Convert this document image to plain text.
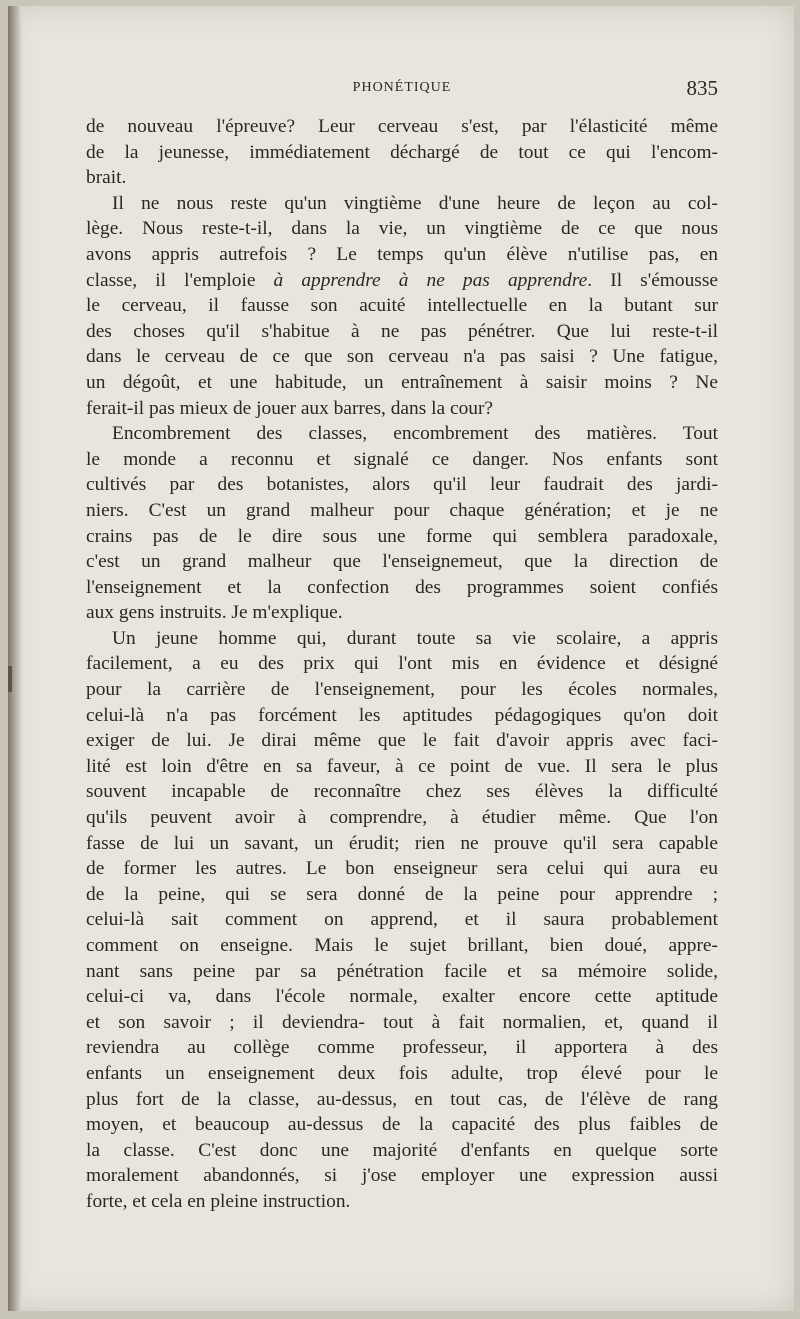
PHONÉTIQUE	835
de nouveau l'épreuve? Leur cerveau s'est, par l'élasticité même
de la jeunesse, immédiatement déchargé de tout ce qui l'encom-
brait.
Il ne nous reste qu'un vingtième d'une heure de leçon au col-
lège. Nous reste-t-il, dans la vie, un vingtième de ce que nous
avons appris autrefois ? Le temps qu'un élève n'utilise pas, en
classe, il l'emploie à apprendre à ne pas apprendre. Il s'émousse
le cerveau, il fausse son acuité intellectuelle en la butant sur
des choses qu'il s'habitue à ne pas pénétrer. Que lui reste-t-il
dans le cerveau de ce que son cerveau n'a pas saisi ? Une fatigue,
un dégoût, et une habitude, un entraînement à saisir moins ? Ne
ferait-il pas mieux de jouer aux barres, dans la cour?
Encombrement des classes, encombrement des matières. Tout
le monde a reconnu et signalé ce danger. Nos enfants sont
cultivés par des botanistes, alors qu'il leur faudrait des jardi-
niers. C'est un grand malheur pour chaque génération; et je ne
crains pas de le dire sous une forme qui semblera paradoxale,
c'est un grand malheur que l'enseignemeut, que la direction de
l'enseignement et la confection des programmes soient confiés
aux gens instruits. Je m'explique.
Un jeune homme qui, durant toute sa vie scolaire, a appris
facilement, a eu des prix qui l'ont mis en évidence et désigné
pour la carrière de l'enseignement, pour les écoles normales,
celui-là n'a pas forcément les aptitudes pédagogiques qu'on doit
exiger de lui. Je dirai même que le fait d'avoir appris avec faci-
lité est loin d'être en sa faveur, à ce point de vue. Il sera le plus
souvent incapable de reconnaître chez ses élèves la difficulté
qu'ils peuvent avoir à comprendre, à étudier même. Que l'on
fasse de lui un savant, un érudit; rien ne prouve qu'il sera capable
de former les autres. Le bon enseigneur sera celui qui aura eu
de la peine, qui se sera donné de la peine pour apprendre ;
celui-là sait comment on apprend, et il saura probablement
comment on enseigne. Mais le sujet brillant, bien doué, appre-
nant sans peine par sa pénétration facile et sa mémoire solide,
celui-ci va, dans l'école normale, exalter encore cette aptitude
et son savoir ; il deviendra- tout à fait normalien, et, quand il
reviendra au collège comme professeur, il apportera à des
enfants un enseignement deux fois adulte, trop élevé pour le
plus fort de la classe, au-dessus, en tout cas, de l'élève de rang
moyen, et beaucoup au-dessus de la capacité des plus faibles de
la classe. C'est donc une majorité d'enfants en quelque sorte
moralement abandonnés, si j'ose employer une expression aussi
forte, et cela en pleine instruction.
